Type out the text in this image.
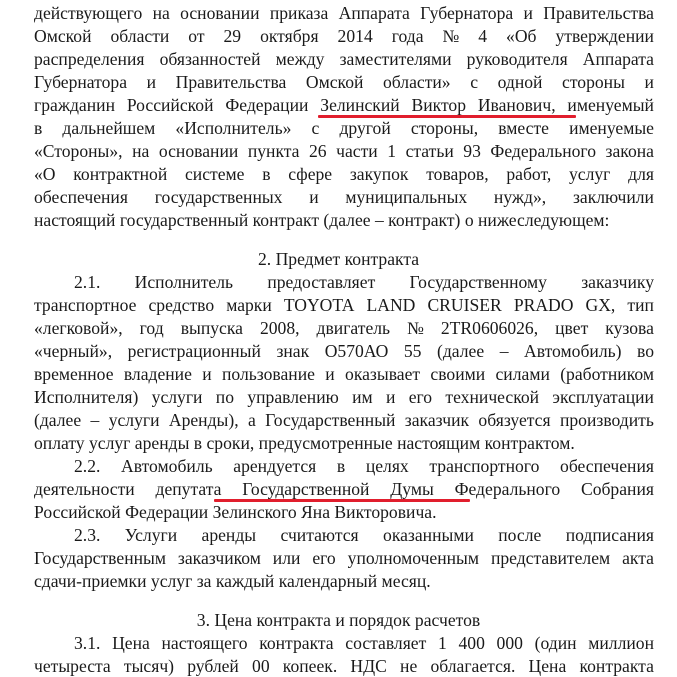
действующего на основании приказа Аппарата Губернатора и Правительства
Омской области от 29 октября 2014 года № 4 «Об утверждении
распределения обязанностей между заместителями руководителя Аппарата
Губернатора и Правительства Омской области» с одной стороны и
гражданин Российской Федерации Зелинский Виктор Иванович, именуемый
в дальнейшем «Исполнитель» с другой стороны, вместе именуемые
«Стороны», на основании пункта 26 части 1 статьи 93 Федерального закона
«О контрактной системе в сфере закупок товаров, работ, услуг для
обеспечения государственных и муниципальных нужд», заключили
настоящий государственный контракт (далее – контракт) о нижеследующем:
2. Предмет контракта
2.1. Исполнитель предоставляет Государственному заказчику
транспортное средство марки TOYOTA LAND CRUISER PRADO GX, тип
«легковой», год выпуска 2008, двигатель № 2TR0606026, цвет кузова
«черный», регистрационный знак О570АО 55 (далее – Автомобиль) во
временное владение и пользование и оказывает своими силами (работником
Исполнителя) услуги по управлению им и его технической эксплуатации
(далее – услуги Аренды), а Государственный заказчик обязуется производить
оплату услуг аренды в сроки, предусмотренные настоящим контрактом.
2.2. Автомобиль арендуется в целях транспортного обеспечения
деятельности депутата Государственной Думы Федерального Собрания
Российской Федерации Зелинского Яна Викторовича.
2.3. Услуги аренды считаются оказанными после подписания
Государственным заказчиком или его уполномоченным представителем акта
сдачи-приемки услуг за каждый календарный месяц.
3. Цена контракта и порядок расчетов
3.1. Цена настоящего контракта составляет 1 400 000 (один миллион
четыреста тысяч) рублей 00 копеек. НДС не облагается. Цена контракта
